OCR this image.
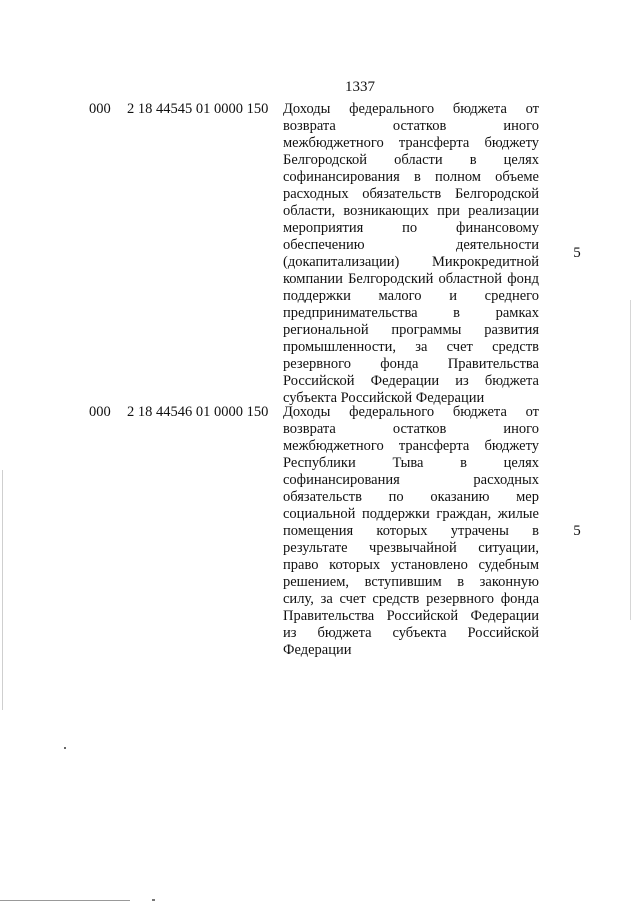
1337
000 2 18 44545 01 0000 150 Доходы федерального бюджета от
возврата остатков иного
межбюджетного трансферта бюджету
Белгородской области в целях
софинансирования в полном объеме
расходных обязательств Белгородской
области, возникающих при реализации
мероприятия по финансовому
обеспечению деятельности
(докапитализации) Микрокредитной
компании Белгородский областной фонд
поддержки малого и среднего
предпринимательства в рамках
региональной программы развития
промышленности, за счет средств
резервного фонда Правительства
Российской Федерации из бюджета
субъекта Российской Федерации
5
000 2 18 44546 01 0000 150 Доходы федерального бюджета от
возврата остатков иного
межбюджетного трансферта бюджету
Республики Тыва в целях
софинансирования расходных
обязательств по оказанию мер
социальной поддержки граждан, жилые
помещения которых утрачены в
результате чрезвычайной ситуации,
право которых установлено судебным
решением, вступившим в законную
силу, за счет средств резервного фонда
Правительства Российской Федерации
из бюджета субъекта Российской
Федерации
5
